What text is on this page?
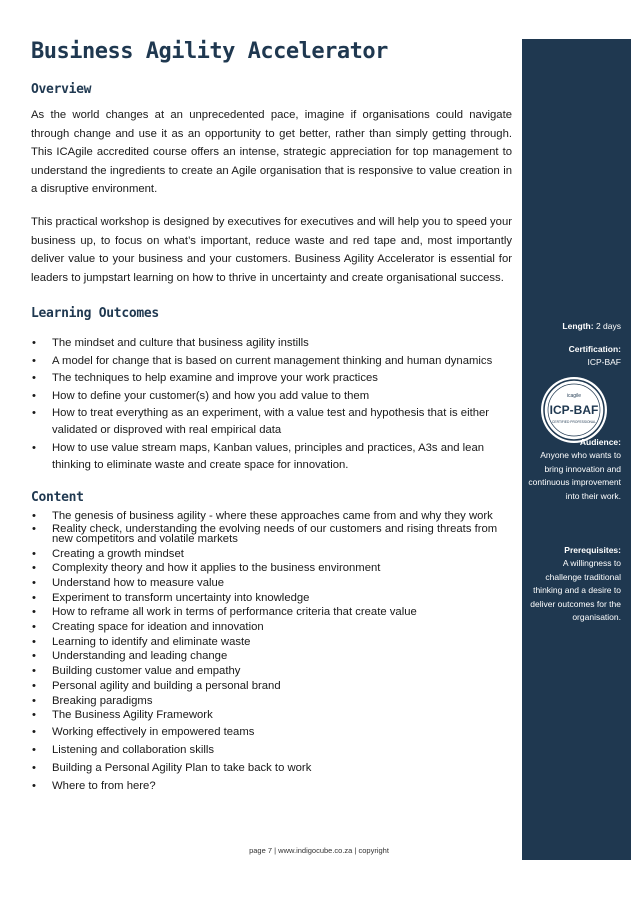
Business Agility Accelerator
Overview

As the world changes at an unprecedented pace, imagine if organisations could navigate through change and use it as an opportunity to get better, rather than simply getting through. This ICAgile accredited course offers an intense, strategic appreciation for top management to understand the ingredients to create an Agile organisation that is responsive to value creation in a disruptive environment.

This practical workshop is designed by executives for executives and will help you to speed your business up, to focus on what’s important, reduce waste and red tape and, most importantly deliver value to your business and your customers. Business Agility Accelerator is essential for leaders to jumpstart learning on how to thrive in uncertainty and create organisational success.

Learning Outcomes
• The mindset and culture that business agility instills
• A model for change that is based on current management thinking and human dynamics
• The techniques to help examine and improve your work practices
• How to define your customer(s) and how you add value to them
• How to treat everything as an experiment, with a value test and hypothesis that is either validated or disproved with real empirical data
• How to use value stream maps, Kanban values, principles and practices, A3s and lean thinking to eliminate waste and create space for innovation.
Content
• The genesis of business agility - where these approaches came from and why they work
• Reality check, understanding the evolving needs of our customers and rising threats from new competitors and volatile markets
• Creating a growth mindset
• Complexity theory and how it applies to the business environment
• Understand how to measure value
• Experiment to transform uncertainty into knowledge
• How to reframe all work in terms of performance criteria that create value
• Creating space for ideation and innovation
• Learning to identify and eliminate waste
• Understanding and leading change
• Building customer value and empathy
• Personal agility and building a personal brand
• Breaking paradigms
• The Business Agility Framework
• Working effectively in empowered teams
• Listening and collaboration skills
• Building a Personal Agility Plan to take back to work
• Where to from here?
page 7 | www.indigocube.co.za | copyright
Length: 2 days
Certification:
ICP-BAF
icagile
ICP-BAF
CERTIFIED PROFESSIONAL
Audience:
Anyone who wants to bring innovation and continuous improvement into their work.
Prerequisites:
A willingness to challenge traditional thinking and a desire to deliver outcomes for the organisation.
